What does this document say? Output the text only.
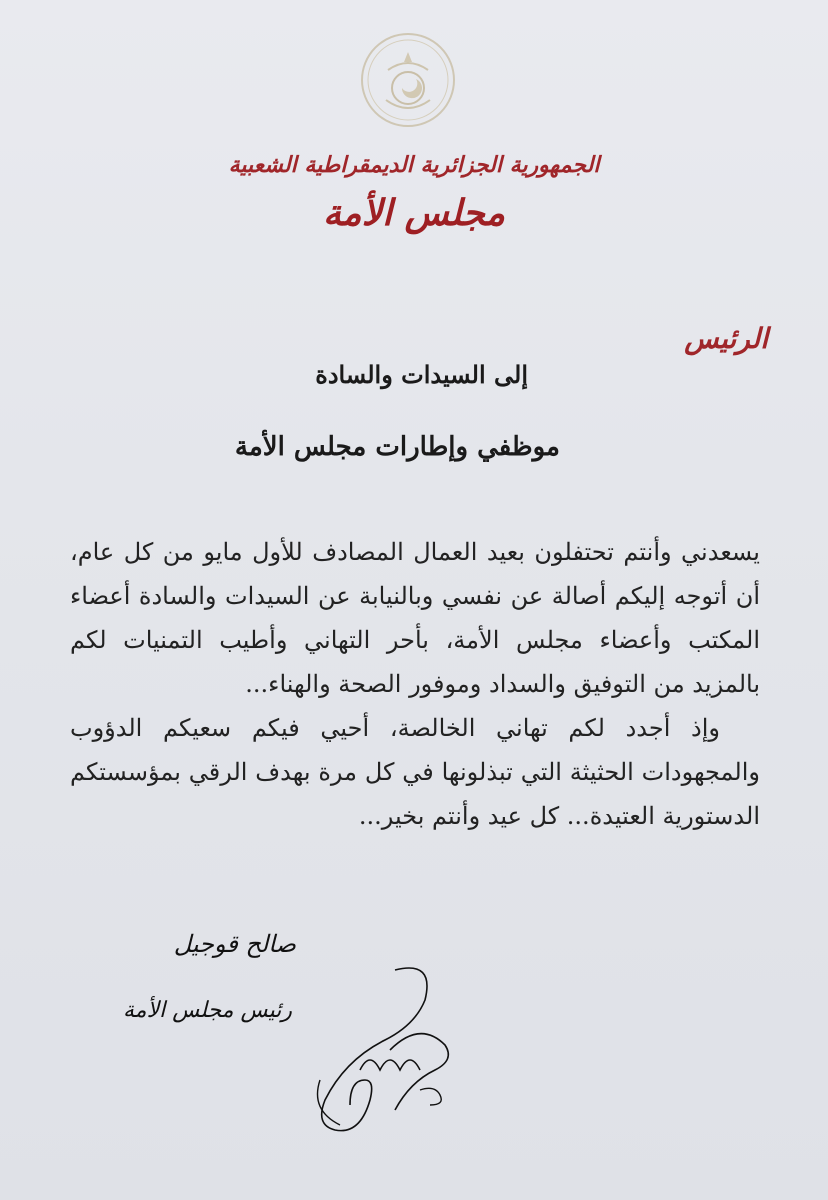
الجمهورية الجزائرية الديمقراطية الشعبية
مجلس الأمة
الرئيس
إلى السيدات والسادة
موظفي وإطارات مجلس الأمة

يسعدني وأنتم تحتفلون بعيد العمال المصادف للأول مايو من كل عام، أن أتوجه إليكم أصالة عن نفسي وبالنيابة عن السيدات والسادة أعضاء المكتب وأعضاء مجلس الأمة، بأحر التهاني وأطيب التمنيات لكم بالمزيد من التوفيق والسداد وموفور الصحة والهناء...

وإذ أجدد لكم تهاني الخالصة، أحيي فيكم سعيكم الدؤوب والمجهودات الحثيثة التي تبذلونها في كل مرة بهدف الرقي بمؤسستكم الدستورية العتيدة... كل عيد وأنتم بخير...

صالح قوجيل
رئيس مجلس الأمة
